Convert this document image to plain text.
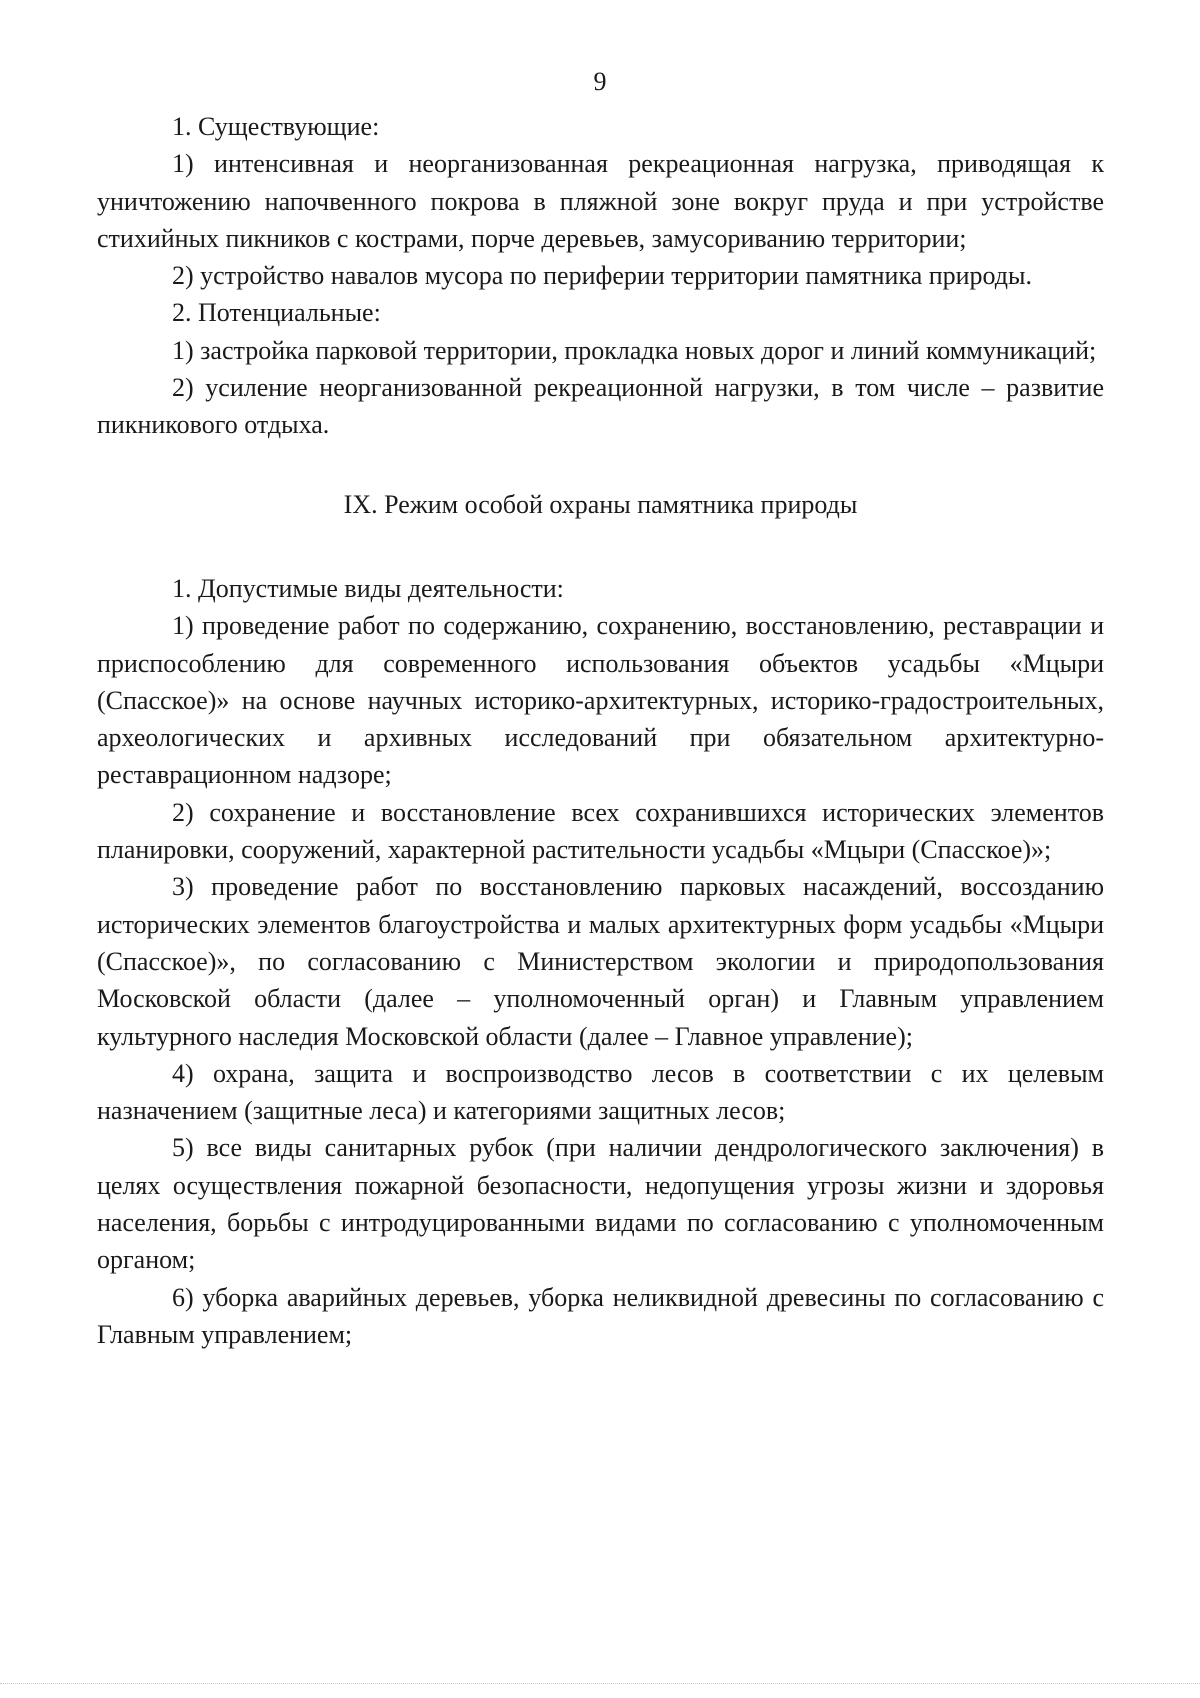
9

1. Существующие:

1) интенсивная и неорганизованная рекреационная нагрузка, приводящая к уничтожению напочвенного покрова в пляжной зоне вокруг пруда и при устройстве стихийных пикников с кострами, порче деревьев, замусориванию территории;

2) устройство навалов мусора по периферии территории памятника природы.

2. Потенциальные:

1) застройка парковой территории, прокладка новых дорог и линий коммуникаций;

2) усиление неорганизованной рекреационной нагрузки, в том числе – развитие пикникового отдыха.

IX. Режим особой охраны памятника природы

1. Допустимые виды деятельности:

1) проведение работ по содержанию, сохранению, восстановлению, реставрации и приспособлению для современного использования объектов усадьбы «Мцыри (Спасское)» на основе научных историко-архитектурных, историко-градостроительных, археологических и архивных исследований при обязательном архитектурно-реставрационном надзоре;

2) сохранение и восстановление всех сохранившихся исторических элементов планировки, сооружений, характерной растительности усадьбы «Мцыри (Спасское)»;

3) проведение работ по восстановлению парковых насаждений, воссозданию исторических элементов благоустройства и малых архитектурных форм усадьбы «Мцыри (Спасское)», по согласованию с Министерством экологии и природопользования Московской области (далее – уполномоченный орган) и Главным управлением культурного наследия Московской области (далее – Главное управление);

4) охрана, защита и воспроизводство лесов в соответствии с их целевым назначением (защитные леса) и категориями защитных лесов;

5) все виды санитарных рубок (при наличии дендрологического заключения) в целях осуществления пожарной безопасности, недопущения угрозы жизни и здоровья населения, борьбы с интродуцированными видами по согласованию с уполномоченным органом;

6) уборка аварийных деревьев, уборка неликвидной древесины по согласованию с Главным управлением;
